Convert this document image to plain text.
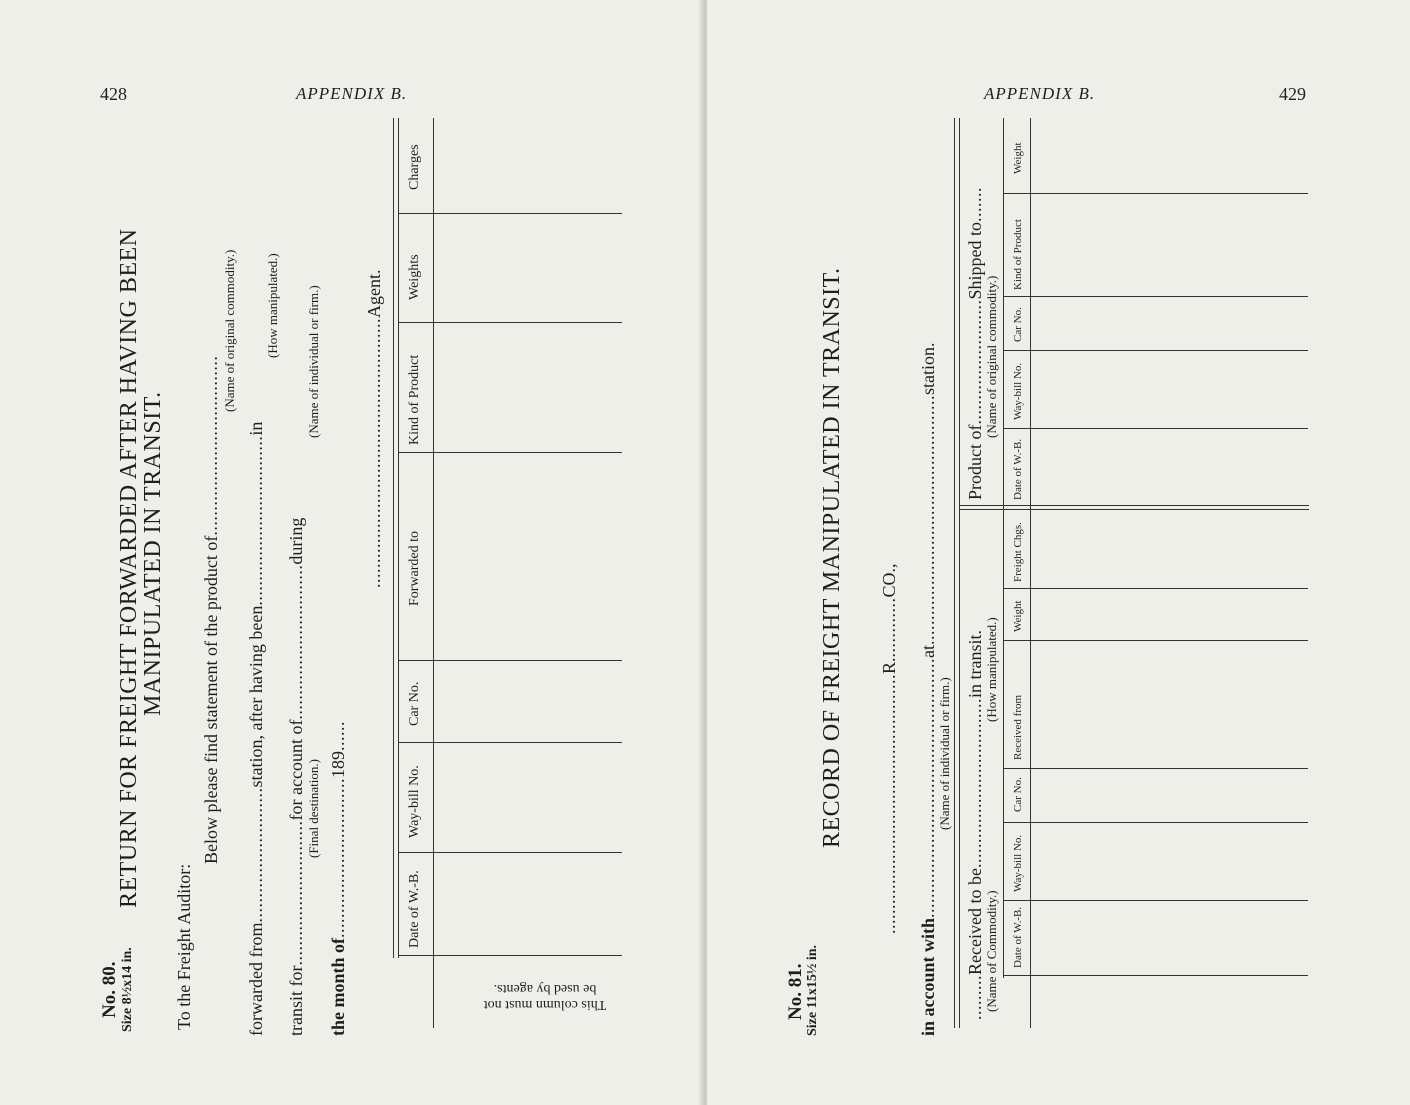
428	APPENDIX B.
No. 80. Size 8½x14 in.
RETURN FOR FREIGHT FORWARDED AFTER HAVING BEEN
MANIPULATED IN TRANSIT.
To the Freight Auditor:
Below please find statement of the product of....................................
(Name of original commodity.)
forwarded from...........................station, after having been..................................in
(How manipulated.)
transit for.............................for account of...............................during
(Final destination.)
(Name of individual or firm.)
the month of................................189......
......................................................Agent.
Date of W.-B.
Way-bill No.
Car No.
Forwarded to
Kind of Product
Weights
Charges
This column must not
be used by agents.
APPENDIX B.	429
No. 81. Size 11x15½ in.
RECORD OF FREIGHT MANIPULATED IN TRANSIT. ....................................................R.............CO.,
in account with....................................................at..................................................station.
(Name of individual or firm.)
.........Received to be..................................in transit.
(Name of Commodity.)
(How manipulated.)
Product of.........................Shipped to.......
(Name of original commodity.)
Date of W.-B.
Way-bill No.
Car No.
Received from
Weight
Freight Chgs.
Date of W.-B.
Way-bill No.
Car No.
Kind of Product
Weight
